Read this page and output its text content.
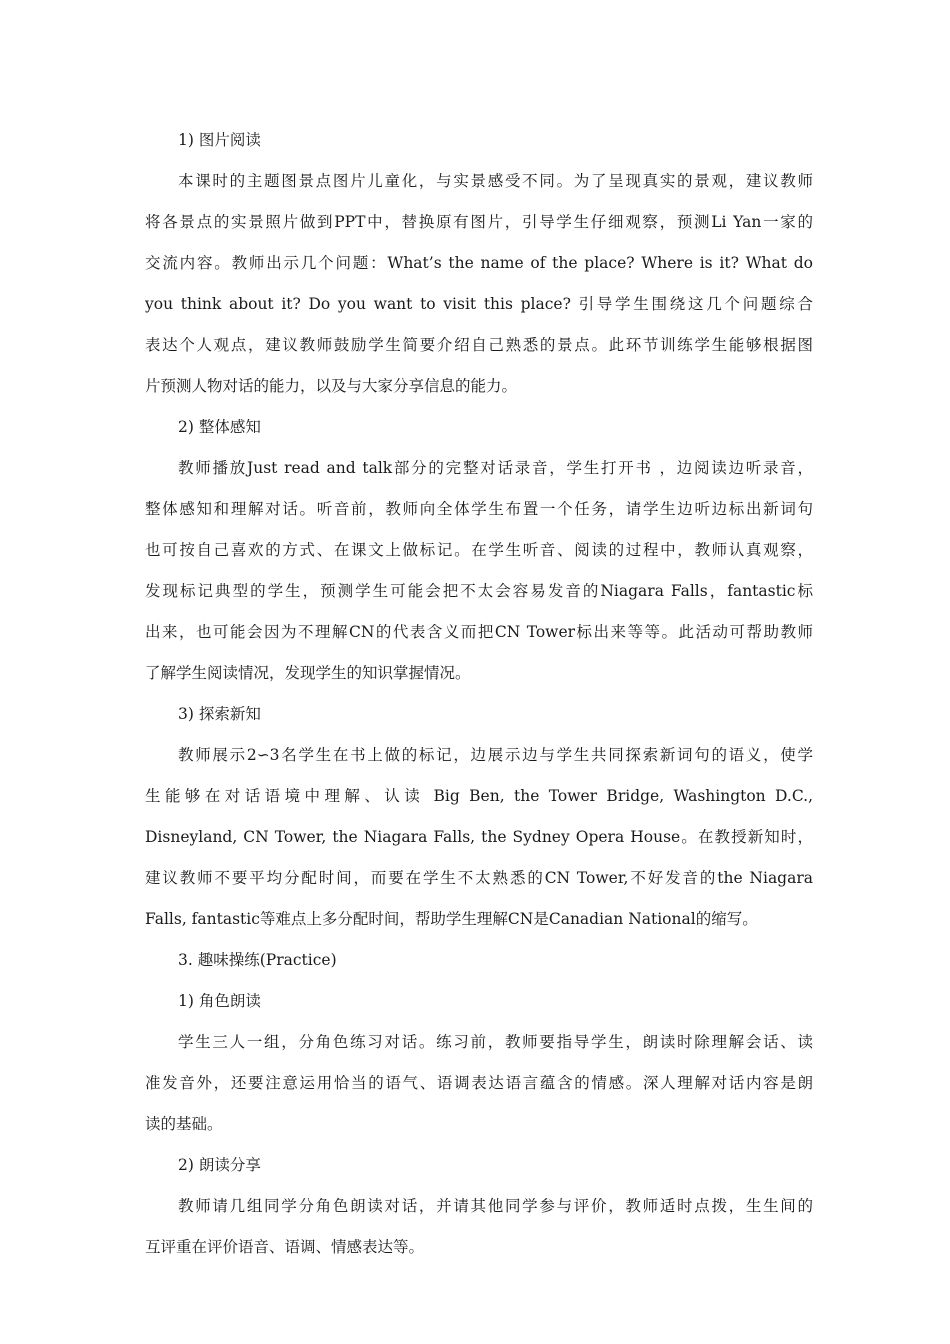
1) 图片阅读
本课时的主题图景点图片儿童化，与实景感受不同。为了呈现真实的景观，建议教师
将各景点的实景照片做到PPT中，替换原有图片，引导学生仔细观察，预测Li Yan一家的
交流内容。教师出示几个问题：What’s the name of the place? Where is it? What do
you think about it? Do you want to visit this place? 引导学生围绕这几个问题综合
表达个人观点，建议教师鼓励学生简要介绍自己熟悉的景点。此环节训练学生能够根据图
片预测人物对话的能力，以及与大家分享信息的能力。
2) 整体感知
教师播放Just read and talk部分的完整对话录音，学生打开书 ，边阅读边听录音，
整体感知和理解对话。听音前，教师向全体学生布置一个任务，请学生边听边标出新词句
也可按自己喜欢的方式、在课文上做标记。在学生听音、阅读的过程中，教师认真观察，
发现标记典型的学生，预测学生可能会把不太会容易发音的Niagara Falls，fantastic标
出来，也可能会因为不理解CN的代表含义而把CN Tower标出来等等。此活动可帮助教师
了解学生阅读情况，发现学生的知识掌握情况。
3) 探索新知
教师展示2∽3名学生在书上做的标记，边展示边与学生共同探索新词句的语义，使学
生能够在对话语境中理解、认读 Big Ben, the Tower Bridge, Washington D.C.,
Disneyland, CN Tower, the Niagara Falls, the Sydney Opera House。在教授新知时，
建议教师不要平均分配时间，而要在学生不太熟悉的CN Tower,不好发音的the Niagara
Falls, fantastic等难点上多分配时间，帮助学生理解CN是Canadian National的缩写。
3. 趣味操练(Practice)
1) 角色朗读
学生三人一组，分角色练习对话。练习前，教师要指导学生，朗读时除理解会话、读
准发音外，还要注意运用恰当的语气、语调表达语言蕴含的情感。深人理解对话内容是朗
读的基础。
2) 朗读分享
教师请几组同学分角色朗读对话，并请其他同学参与评价，教师适时点拨，生生间的
互评重在评价语音、语调、情感表达等。
